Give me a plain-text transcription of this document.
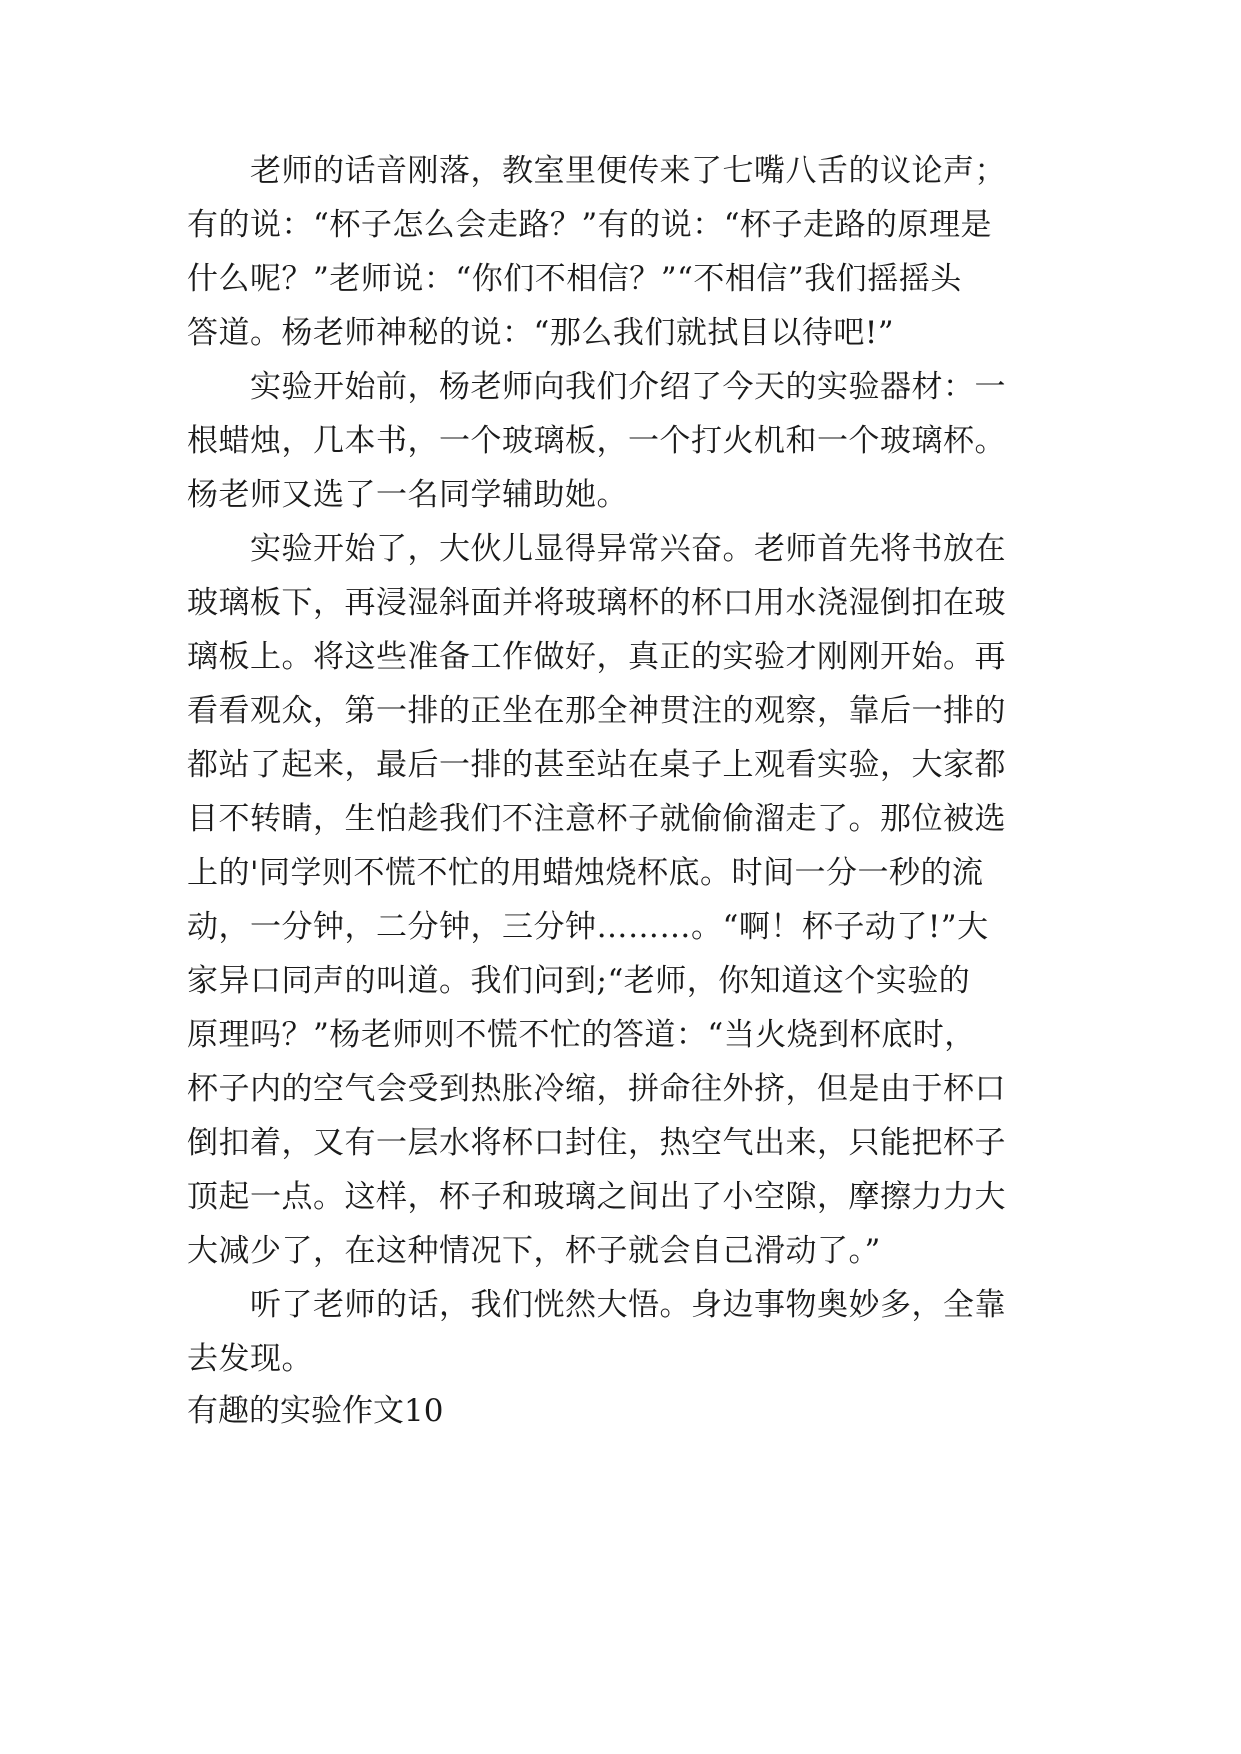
老师的话音刚落，教室里便传来了七嘴八舌的议论声；
有的说：“杯子怎么会走路？”有的说：“杯子走路的原理是
什么呢？”老师说：“你们不相信？”“不相信”我们摇摇头
答道。杨老师神秘的说：“那么我们就拭目以待吧!”
实验开始前，杨老师向我们介绍了今天的实验器材：一
根蜡烛，几本书，一个玻璃板，一个打火机和一个玻璃杯。
杨老师又选了一名同学辅助她。
实验开始了，大伙儿显得异常兴奋。老师首先将书放在
玻璃板下，再浸湿斜面并将玻璃杯的杯口用水浇湿倒扣在玻
璃板上。将这些准备工作做好，真正的实验才刚刚开始。再
看看观众，第一排的正坐在那全神贯注的观察，靠后一排的
都站了起来，最后一排的甚至站在桌子上观看实验，大家都
目不转睛，生怕趁我们不注意杯子就偷偷溜走了。那位被选
上的'同学则不慌不忙的用蜡烛烧杯底。时间一分一秒的流
动，一分钟，二分钟，三分钟………。“啊！杯子动了!”大
家异口同声的叫道。我们问到;“老师，你知道这个实验的
原理吗？”杨老师则不慌不忙的答道：“当火烧到杯底时，
杯子内的空气会受到热胀冷缩，拼命往外挤，但是由于杯口
倒扣着，又有一层水将杯口封住，热空气出来，只能把杯子
顶起一点。这样，杯子和玻璃之间出了小空隙，摩擦力力大
大减少了，在这种情况下，杯子就会自己滑动了。”
听了老师的话，我们恍然大悟。身边事物奥妙多，全靠
去发现。
有趣的实验作文10
